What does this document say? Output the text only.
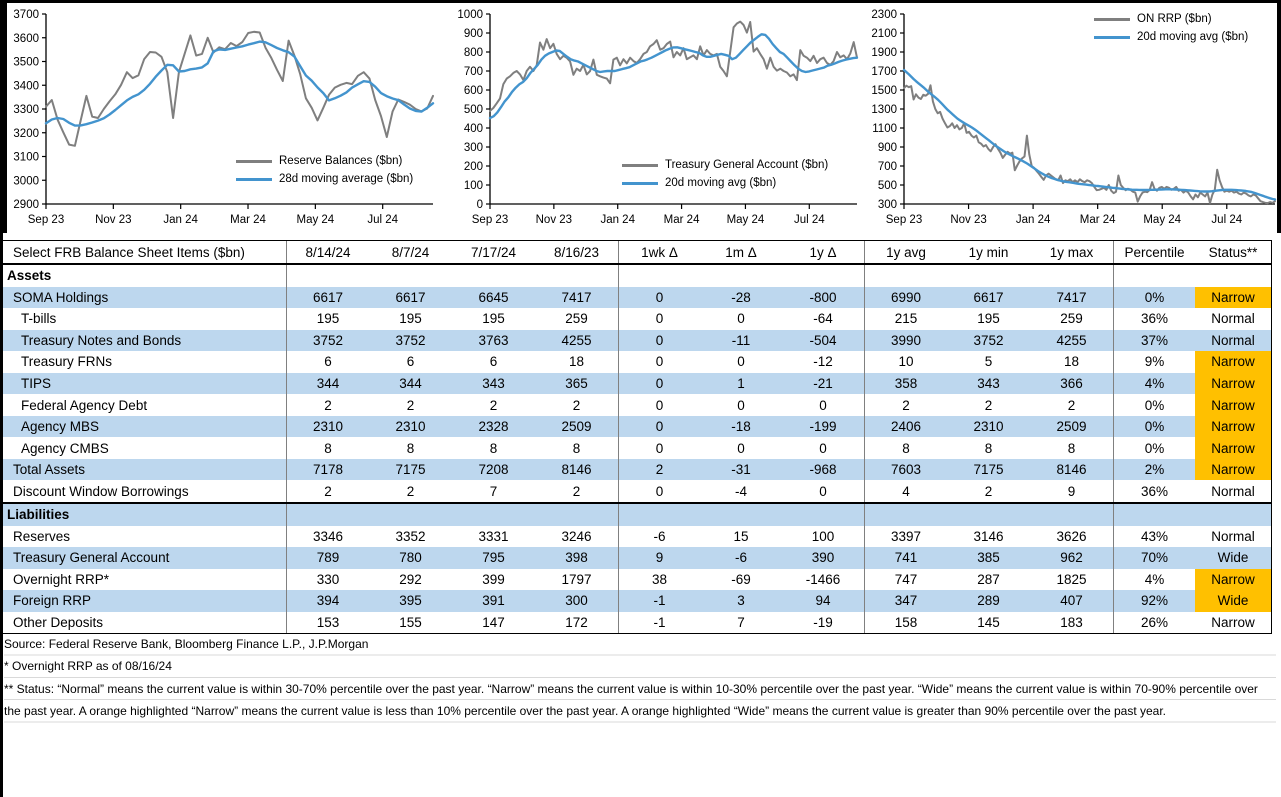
2900
3000
3100
3200
3300
3400
3500
3600
3700
Sep 23	Nov 23	Jan 24	Mar 24	May 24	Jul 24
Reserve Balances ($bn)
28d moving average ($bn)
0
100
200
300
400
500
600
700
800
900
1000
Sep 23 Nov 23 Jan 24 Mar 24 May 24	Jul 24
Treasury General Account ($bn)
20d moving avg ($bn)
300
500
700
900
1100
1300
1500
1700
1900
2100
2300
Sep 23 Nov 23	Jan 24	Mar 24 May 24	Jul 24
ON RRP ($bn)
20d moving avg ($bn)
Select FRB Balance Sheet Items ($bn)	8/14/24	8/7/24	7/17/24	8/16/23	1wk Δ	1m Δ	1y Δ	1y avg	1y min	1y max	Percentile	Status**
Assets
SOMA Holdings	6617	6617	6645	7417	0	-28	-800	6990	6617	7417	0%	Narrow
T-bills	195	195	195	259	0	0	-64	215	195	259	36%	Normal
Treasury Notes and Bonds	3752	3752	3763	4255	0	-11	-504	3990	3752	4255	37%	Normal
Treasury FRNs	6	6	6	18	0	0	-12	10	5	18	9%	Narrow
TIPS	344	344	343	365	0	1	-21	358	343	366	4%	Narrow
Federal Agency Debt	2	2	2	2	0	0	0	2	2	2	0%	Narrow
Agency MBS	2310	2310	2328	2509	0	-18	-199	2406	2310	2509	0%	Narrow
Agency CMBS	8	8	8	8	0	0	0	8	8	8	0%	Narrow
Total Assets	7178	7175	7208	8146	2	-31	-968	7603	7175	8146	2%	Narrow
Discount Window Borrowings	2	2	7	2	0	-4	0	4	2	9	36%	Normal
Liabilities
Reserves	3346	3352	3331	3246	-6	15	100	3397	3146	3626	43%	Normal
Treasury General Account	789	780	795	398	9	-6	390	741	385	962	70%	Wide
Overnight RRP*	330	292	399	1797	38	-69	-1466	747	287	1825	4%	Narrow
Foreign RRP	394	395	391	300	-1	3	94	347	289	407	92%	Wide
Other Deposits	153	155	147	172	-1	7	-19	158	145	183	26%	Narrow
Source: Federal Reserve Bank, Bloomberg Finance L.P., J.P.Morgan
* Overnight RRP as of 08/16/24
** Status: “Normal” means the current value is within 30-70% percentile over the past year. “Narrow” means the current value is within 10-30% percentile over the past year. “Wide” means the current value is within 70-90% percentile over the past year. A orange highlighted “Narrow” means the current value is less than 10% percentile over the past year. A orange highlighted “Wide” means the current value is greater than 90% percentile over the past year.
